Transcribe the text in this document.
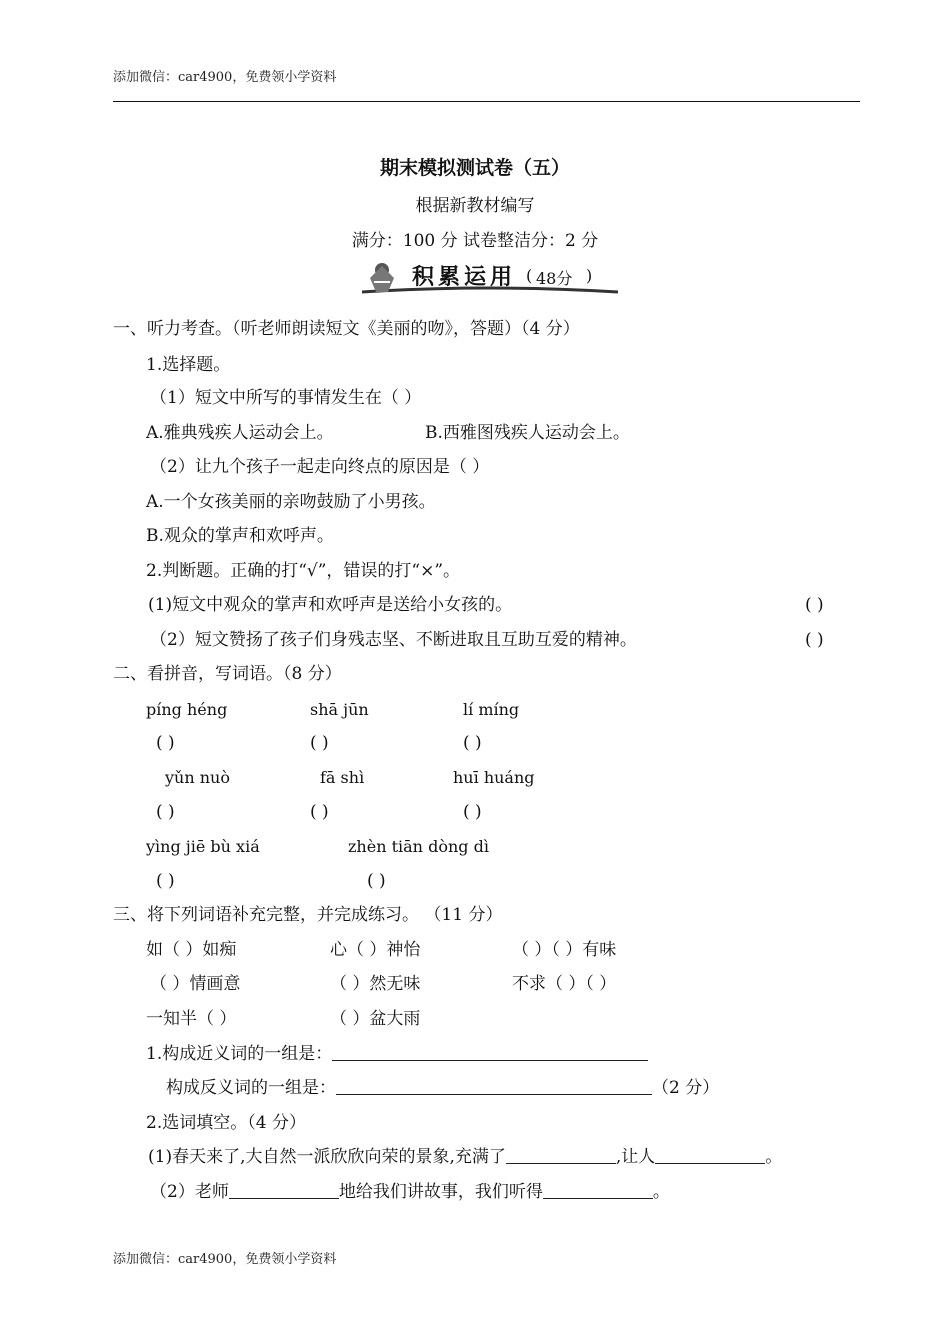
添加微信：car4900，免费领小学资料
期末模拟测试卷（五）
根据新教材编写
满分：100 分 试卷整洁分：2 分
积累运用 ( 48分 )
一、听力考查。（听老师朗读短文《美丽的吻》，答题）（4 分）
1.选择题。
（1）短文中所写的事情发生在（ ）
A.雅典残疾人运动会上。	B.西雅图残疾人运动会上。
（2）让九个孩子一起走向终点的原因是（ ）
A.一个女孩美丽的亲吻鼓励了小男孩。
B.观众的掌声和欢呼声。
2.判断题。正确的打“√”，错误的打“×”。
(1)短文中观众的掌声和欢呼声是送给小女孩的。	( )
（2）短文赞扬了孩子们身残志坚、不断进取且互助互爱的精神。	( )
二、看拼音，写词语。（8 分）
píng héng	shā jūn	lí míng
( )	( )	( )
yǔn nuò	fā shì	huī huáng
( )	( )	( )
yìng jiē bù xiá	zhèn tiān dòng dì
( )	( )
三、将下列词语补充完整，并完成练习。 （11 分）
如（ ）如痴	心（ ）神怡	（ ）（ ）有味
（ ）情画意	（ ）然无味	不求（ ）（ ）
一知半（ ）	（ ）盆大雨
1.构成近义词的一组是：
构成反义词的一组是：	（2 分）
2.选词填空。（4 分）
(1)春天来了,大自然一派欣欣向荣的景象,充满了	,让人	。
（2）老师	地给我们讲故事，我们听得	。
添加微信：car4900，免费领小学资料
